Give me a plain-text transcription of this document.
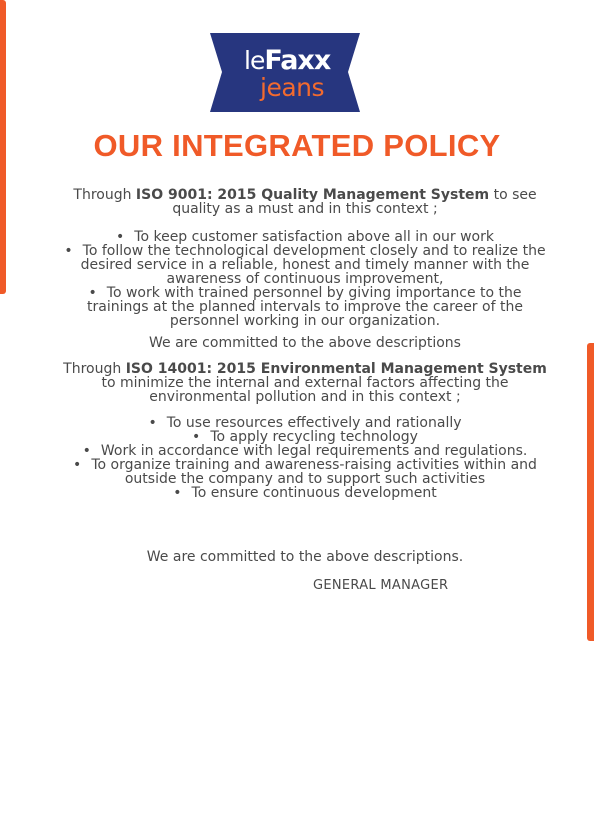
leFaxx
jeans
OUR INTEGRATED POLICY

Through ISO 9001: 2015 Quality Management System to see quality as a must and in this context ;

• To keep customer satisfaction above all in our work

• To follow the technological development closely and to realize the desired service in a reliable, honest and timely manner with the awareness of continuous improvement,

• To work with trained personnel by giving importance to the trainings at the planned intervals to improve the career of the personnel working in our organization.

We are committed to the above descriptions

Through ISO 14001: 2015 Environmental Management System to minimize the internal and external factors affecting the environmental pollution and in this context ;

• To use resources effectively and rationally

• To apply recycling technology

• Work in accordance with legal requirements and regulations.

• To organize training and awareness-raising activities within and outside the company and to support such activities

• To ensure continuous development

We are committed to the above descriptions.
GENERAL MANAGER
